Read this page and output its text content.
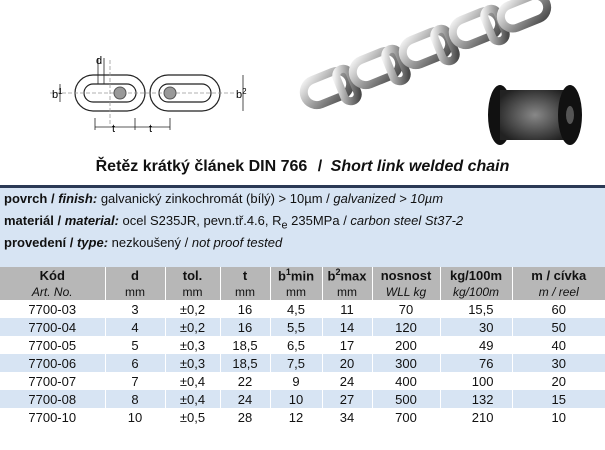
d
$b^1$	$b^2$
t	t
Řetěz krátký článek DIN 766 / Short link welded chain
povrch / finish: galvanický zinkochromát (bílý) > 10µm / galvanized > 10µm
materiál / material: ocel S235JR, pevn.tř.4.6, $R_e$ 235MPa / carbon steel St37-2
provedení / type: nezkoušený / not proof tested
Kód	d	tol.	t	$b^1\min$	$b^2\max$	nosnost	kg/100m	m / cívka
Art. No.	mm	mm	mm	mm	mm	WLL kg	kg/100m	m / reel
7700-03	3	±0,2	16	4,5	11	70	15,5	60
7700-04	4	±0,2	16	5,5	14	120	30	50
7700-05	5	±0,3	18,5	6,5	17	200	49	40
7700-06	6	±0,3	18,5	7,5	20	300	76	30
7700-07	7	±0,4	22	9	24	400	100	20
7700-08	8	±0,4	24	10	27	500	132	15
7700-10	10	±0,5	28	12	34	700	210	10
